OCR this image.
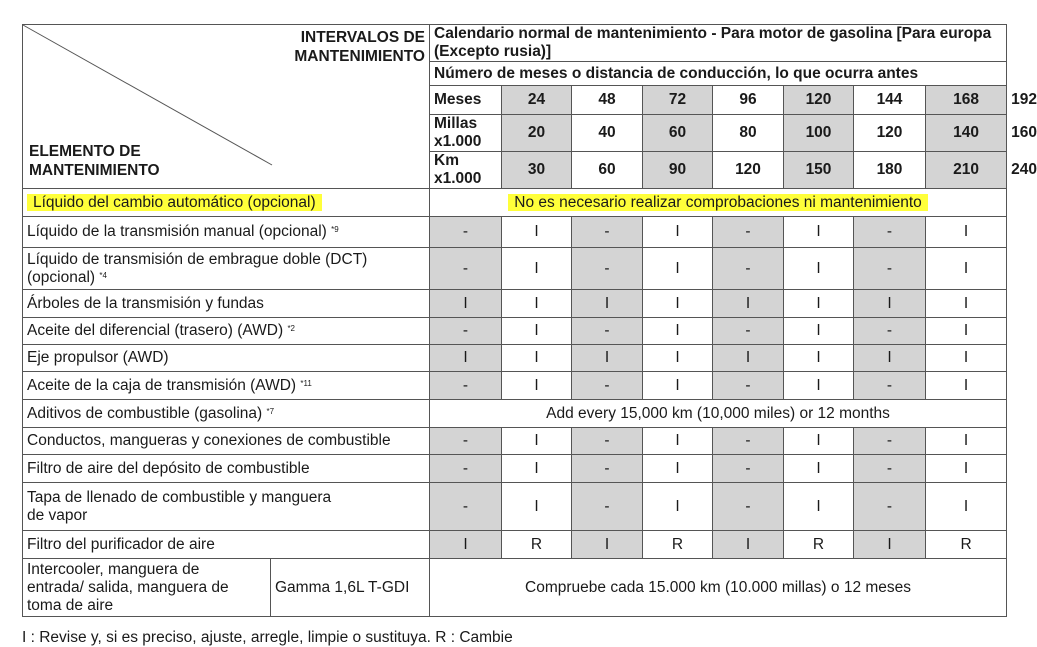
INTERVALOS DE
MANTENIMIENTO
ELEMENTO DE
MANTENIMIENTO		Calendario normal de mantenimiento - Para motor de gasolina [Para europa (Excepto rusia)]								
		Número de meses o distancia de conducción, lo que ocurra antes								
		Meses	24	48	72	96	120	144	168	192
		Millas x1.000	20	40	60	80	100	120	140	160
		Km x1.000	30	60	90	120	150	180	210	240

Líquido del cambio automático (opcional)		No es necesario realizar comprobaciones ni mantenimiento								

Líquido de la transmisión manual (opcional) $^{*9}$		-	I	-	I	-	I	-	I	

Líquido de transmisión de embrague doble (DCT)
(opcional) $^{*4}$		-	I	-	I	-	I	-	I	

Árboles de la transmisión y fundas		I	I	I	I	I	I	I	I	

Aceite del diferencial (trasero) (AWD) $^{*2}$		-	I	-	I	-	I	-	I	

Eje propulsor (AWD)		I	I	I	I	I	I	I	I	

Aceite de la caja de transmisión (AWD) $^{*11}$		-	I	-	I	-	I	-	I	

Aditivos de combustible (gasolina) $^{*7}$		Add every 15,000 km (10,000 miles) or 12 months								

Conductos, mangueras y conexiones de combustible		-	I	-	I	-	I	-	I	

Filtro de aire del depósito de combustible		-	I	-	I	-	I	-	I	

Tapa de llenado de combustible y manguera
de vapor		-	I	-	I	-	I	-	I	

Filtro del purificador de aire		I	R	I	R	I	R	I	R	

Intercooler, manguera de
entrada/ salida, manguera de
toma de aire	Gamma 1,6L T-GDI	Compruebe cada 15.000 km (10.000 millas) o 12 meses								
I : Revise y, si es preciso, ajuste, arregle, limpie o sustituya. R : Cambie
